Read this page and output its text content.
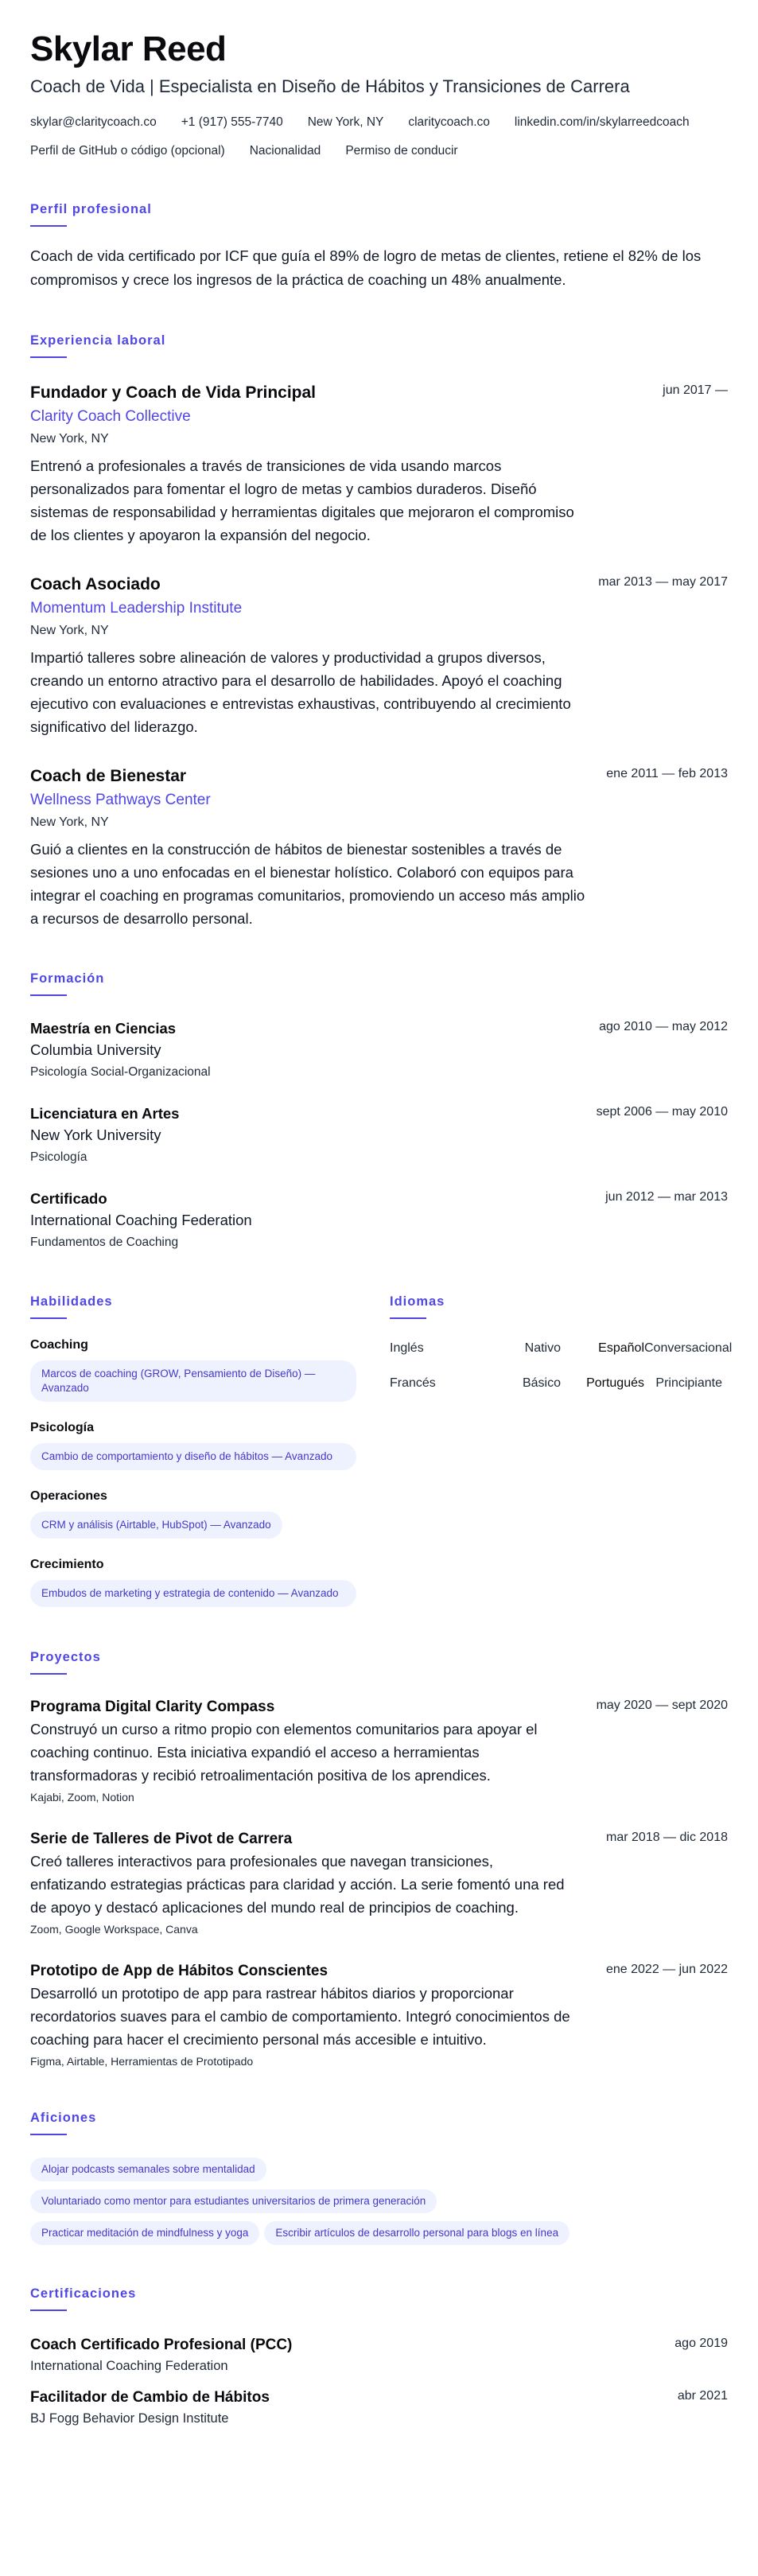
Skylar Reed
Coach de Vida | Especialista en Diseño de Hábitos y Transiciones de Carrera
skylar@claritycoach.co +1 (917) 555-7740 New York, NY claritycoach.co linkedin.com/in/skylarreedcoach
Perfil de GitHub o código (opcional) Nacionalidad Permiso de conducir
Perfil profesional

Coach de vida certificado por ICF que guía el 89% de logro de metas de clientes, retiene el 82% de los compromisos y crece los ingresos de la práctica de coaching un 48% anualmente.

Experiencia laboral
Fundador y Coach de Vida Principal	jun 2017 —
Clarity Coach Collective
New York, NY

Entrenó a profesionales a través de transiciones de vida usando marcos personalizados para fomentar el logro de metas y cambios duraderos. Diseñó sistemas de responsabilidad y herramientas digitales que mejoraron el compromiso de los clientes y apoyaron la expansión del negocio.

Coach Asociado	mar 2013 — may 2017
Momentum Leadership Institute
New York, NY

Impartió talleres sobre alineación de valores y productividad a grupos diversos, creando un entorno atractivo para el desarrollo de habilidades. Apoyó el coaching ejecutivo con evaluaciones e entrevistas exhaustivas, contribuyendo al crecimiento significativo del liderazgo.

Coach de Bienestar	ene 2011 — feb 2013
Wellness Pathways Center
New York, NY

Guió a clientes en la construcción de hábitos de bienestar sostenibles a través de sesiones uno a uno enfocadas en el bienestar holístico. Colaboró con equipos para integrar el coaching en programas comunitarios, promoviendo un acceso más amplio a recursos de desarrollo personal.

Formación
Maestría en Ciencias	ago 2010 — may 2012
Columbia University
Psicología Social-Organizacional
Licenciatura en Artes	sept 2006 — may 2010
New York University
Psicología
Certificado	jun 2012 — mar 2013
International Coaching Federation
Fundamentos de Coaching
Habilidades
Coaching
Marcos de coaching (GROW, Pensamiento de Diseño) — Avanzado
Psicología
Cambio de comportamiento y diseño de hábitos — Avanzado
Operaciones
CRM y análisis (Airtable, HubSpot) — Avanzado
Crecimiento
Embudos de marketing y estrategia de contenido — Avanzado
Idiomas
Inglés	Nativo	Español Conversacional
Francés	Básico	Portugués Principiante
Proyectos
Programa Digital Clarity Compass	may 2020 — sept 2020

Construyó un curso a ritmo propio con elementos comunitarios para apoyar el coaching continuo. Esta iniciativa expandió el acceso a herramientas transformadoras y recibió retroalimentación positiva de los aprendices.

Kajabi, Zoom, Notion
Serie de Talleres de Pivot de Carrera	mar 2018 — dic 2018

Creó talleres interactivos para profesionales que navegan transiciones, enfatizando estrategias prácticas para claridad y acción. La serie fomentó una red de apoyo y destacó aplicaciones del mundo real de principios de coaching.

Zoom, Google Workspace, Canva
Prototipo de App de Hábitos Conscientes	ene 2022 — jun 2022

Desarrolló un prototipo de app para rastrear hábitos diarios y proporcionar recordatorios suaves para el cambio de comportamiento. Integró conocimientos de coaching para hacer el crecimiento personal más accesible e intuitivo.

Figma, Airtable, Herramientas de Prototipado
Aficiones
Alojar podcasts semanales sobre mentalidad
Voluntariado como mentor para estudiantes universitarios de primera generación
Practicar meditación de mindfulness y yoga	Escribir artículos de desarrollo personal para blogs en línea
Certificaciones
Coach Certificado Profesional (PCC)	ago 2019
International Coaching Federation
Facilitador de Cambio de Hábitos	abr 2021
BJ Fogg Behavior Design Institute
